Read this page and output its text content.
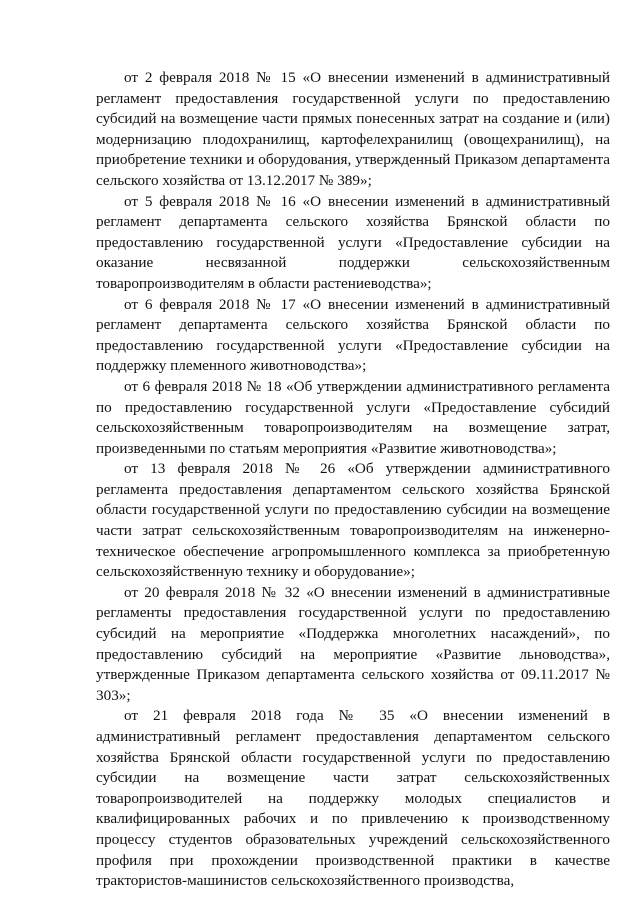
от 2 февраля 2018 № 15 «О внесении изменений в административный регламент предоставления государственной услуги по предоставлению субсидий на возмещение части прямых понесенных затрат на создание и (или) модернизацию плодохранилищ, картофелехранилищ (овощехранилищ), на приобретение техники и оборудования, утвержденный Приказом департамента сельского хозяйства от 13.12.2017 № 389»;

от 5 февраля 2018 № 16 «О внесении изменений в административный регламент департамента сельского хозяйства Брянской области по предоставлению государственной услуги «Предоставление субсидии на оказание несвязанной поддержки сельскохозяйственным товаропроизводителям в области растениеводства»;

от 6 февраля 2018 № 17 «О внесении изменений в административный регламент департамента сельского хозяйства Брянской области по предоставлению государственной услуги «Предоставление субсидии на поддержку племенного животноводства»;

от 6 февраля 2018 № 18 «Об утверждении административного регламента по предоставлению государственной услуги «Предоставление субсидий сельскохозяйственным товаропроизводителям на возмещение затрат, произведенными по статьям мероприятия «Развитие животноводства»;

от 13 февраля 2018 № 26 «Об утверждении административного регламента предоставления департаментом сельского хозяйства Брянской области государственной услуги по предоставлению субсидии на возмещение части затрат сельскохозяйственным товаропроизводителям на инженерно-техническое обеспечение агропромышленного комплекса за приобретенную сельскохозяйственную технику и оборудование»;

от 20 февраля 2018 № 32 «О внесении изменений в административные регламенты предоставления государственной услуги по предоставлению субсидий на мероприятие «Поддержка многолетних насаждений», по предоставлению субсидий на мероприятие «Развитие льноводства», утвержденные Приказом департамента сельского хозяйства от 09.11.2017 № 303»;

от 21 февраля 2018 года № 35 «О внесении изменений в административный регламент предоставления департаментом сельского хозяйства Брянской области государственной услуги по предоставлению субсидии на возмещение части затрат сельскохозяйственных товаропроизводителей на поддержку молодых специалистов и квалифицированных рабочих и по привлечению к производственному процессу студентов образовательных учреждений сельскохозяйственного профиля при прохождении производственной практики в качестве трактористов-машинистов сельскохозяйственного производства,
